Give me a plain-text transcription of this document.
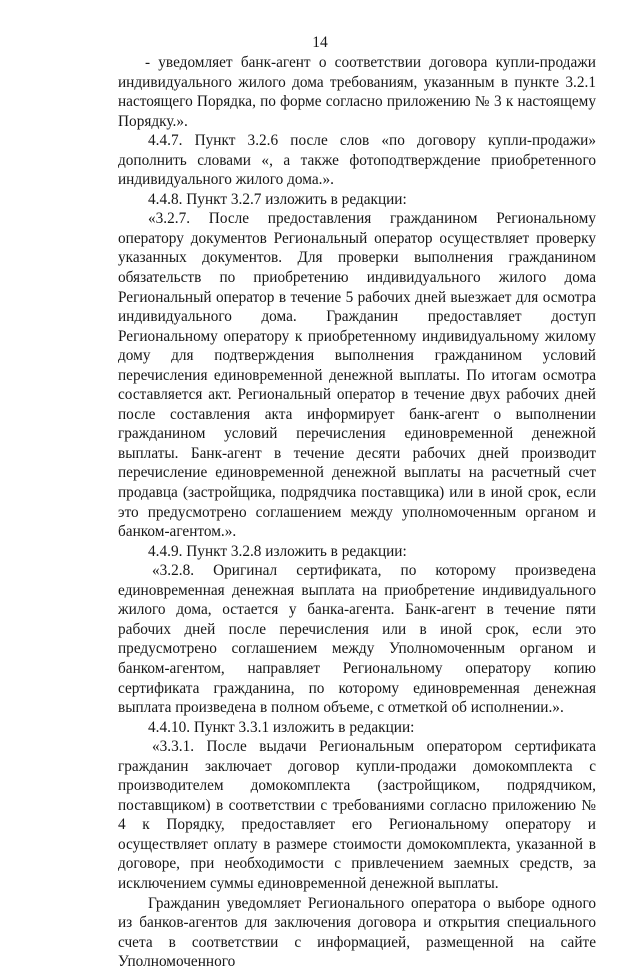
14

- уведомляет банк-агент о соответствии договора купли-продажи индивидуального жилого дома требованиям, указанным в пункте 3.2.1 настоящего Порядка, по форме согласно приложению № 3 к настоящему Порядку.».

4.4.7. Пункт 3.2.6 после слов «по договору купли-продажи» дополнить словами «, а также фотоподтверждение приобретенного индивидуального жилого дома.».

4.4.8. Пункт 3.2.7 изложить в редакции:

«3.2.7. После предоставления гражданином Региональному оператору документов Региональный оператор осуществляет проверку указанных документов. Для проверки выполнения гражданином обязательств по приобретению индивидуального жилого дома Региональный оператор в течение 5 рабочих дней выезжает для осмотра индивидуального дома. Гражданин предоставляет доступ Региональному оператору к приобретенному индивидуальному жилому дому для подтверждения выполнения гражданином условий перечисления единовременной денежной выплаты. По итогам осмотра составляется акт. Региональный оператор в течение двух рабочих дней после составления акта информирует банк-агент о выполнении гражданином условий перечисления единовременной денежной выплаты. Банк-агент в течение десяти рабочих дней производит перечисление единовременной денежной выплаты на расчетный счет продавца (застройщика, подрядчика поставщика) или в иной срок, если это предусмотрено соглашением между уполномоченным органом и банком-агентом.».

4.4.9. Пункт 3.2.8 изложить в редакции:

«3.2.8. Оригинал сертификата, по которому произведена единовременная денежная выплата на приобретение индивидуального жилого дома, остается у банка-агента. Банк-агент в течение пяти рабочих дней после перечисления или в иной срок, если это предусмотрено соглашением между Уполномоченным органом и банком-агентом, направляет Региональному оператору копию сертификата гражданина, по которому единовременная денежная выплата произведена в полном объеме, с отметкой об исполнении.».

4.4.10. Пункт 3.3.1 изложить в редакции:

«3.3.1. После выдачи Региональным оператором сертификата гражданин заключает договор купли-продажи домокомплекта с производителем домокомплекта (застройщиком, подрядчиком, поставщиком) в соответствии с требованиями согласно приложению № 4 к Порядку, предоставляет его Региональному оператору и осуществляет оплату в размере стоимости домокомплекта, указанной в договоре, при необходимости с привлечением заемных средств, за исключением суммы единовременной денежной выплаты.

Гражданин уведомляет Регионального оператора о выборе одного из банков-агентов для заключения договора и открытия специального счета в соответствии с информацией, размещенной на сайте Уполномоченного
